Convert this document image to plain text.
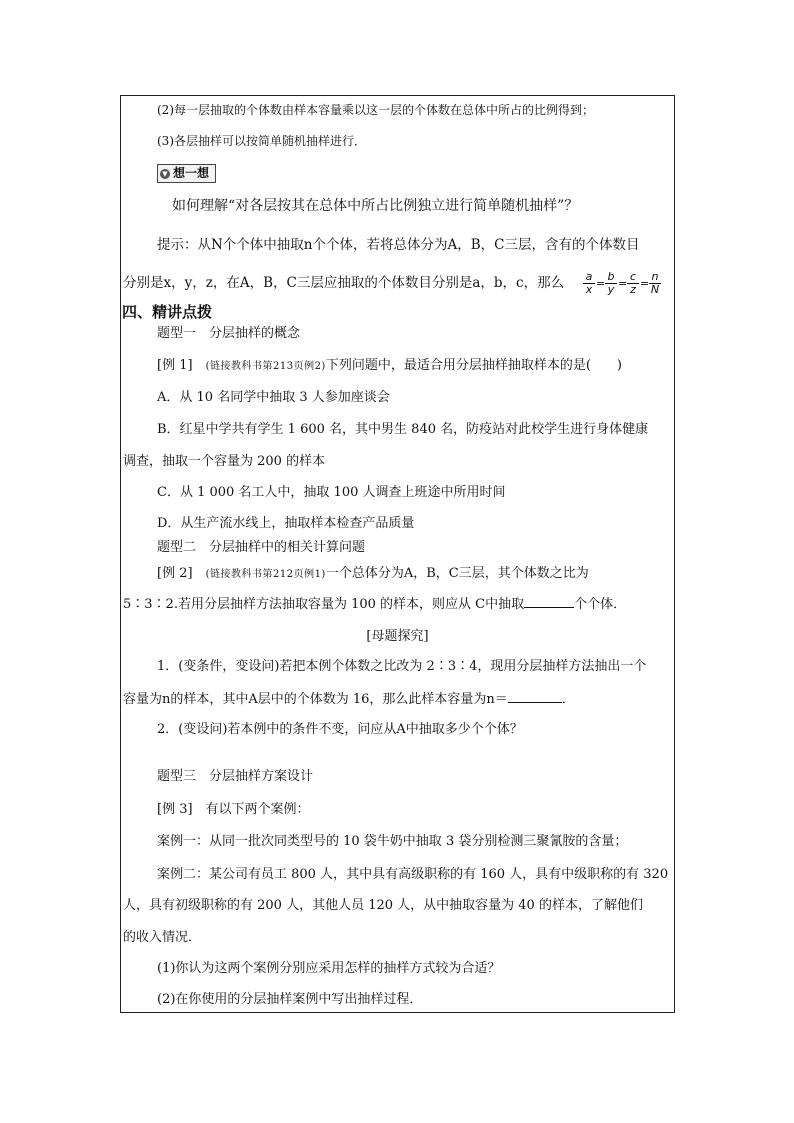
(2)每一层抽取的个体数由样本容量乘以这一层的个体数在总体中所占的比例得到；
(3)各层抽样可以按简单随机抽样进行．
▼ 想一想
如何理解“对各层按其在总体中所占比例独立进行简单随机抽样”？
提示：从N个个体中抽取n个个体，若将总体分为A，B，C三层，含有的个体数目
分别是x，y，z，在A，B，C三层应抽取的个体数目分别是a，b，c，那么 $\frac{a}{x} = \frac{b}{y} = \frac{c}{z} = \frac{n}{N}$
四、精讲点拨
题型一　分层抽样的概念
[例 1]　 (链接教科书第213页例2)下列问题中，最适合用分层抽样抽取样本的是(　　)
A．从 10 名同学中抽取 3 人参加座谈会
B．红星中学共有学生 1 600 名，其中男生 840 名，防疫站对此校学生进行身体健康
调查，抽取一个容量为 200 的样本
C．从 1 000 名工人中，抽取 100 人调查上班途中所用时间
D．从生产流水线上，抽取样本检查产品质量
题型二　分层抽样中的相关计算问题
[例 2]　 (链接教科书第212页例1)一个总体分为A，B，C三层，其个体数之比为
5∶3∶2.若用分层抽样方法抽取容量为 100 的样本，则应从 C中抽取	个个体．
[母题探究]
1．(变条件，变设问)若把本例个体数之比改为 2∶3∶4，现用分层抽样方法抽出一个
容量为n的样本，其中A层中的个体数为 16，那么此样本容量为n＝	．
2．(变设问)若本例中的条件不变，问应从A中抽取多少个个体？
题型三　分层抽样方案设计
[例 3]　有以下两个案例：
案例一：从同一批次同类型号的 10 袋牛奶中抽取 3 袋分别检测三聚氰胺的含量；
案例二：某公司有员工 800 人，其中具有高级职称的有 160 人，具有中级职称的有 320
人，具有初级职称的有 200 人，其他人员 120 人，从中抽取容量为 40 的样本，了解他们
的收入情况．
(1)你认为这两个案例分别应采用怎样的抽样方式较为合适？
(2)在你使用的分层抽样案例中写出抽样过程．
